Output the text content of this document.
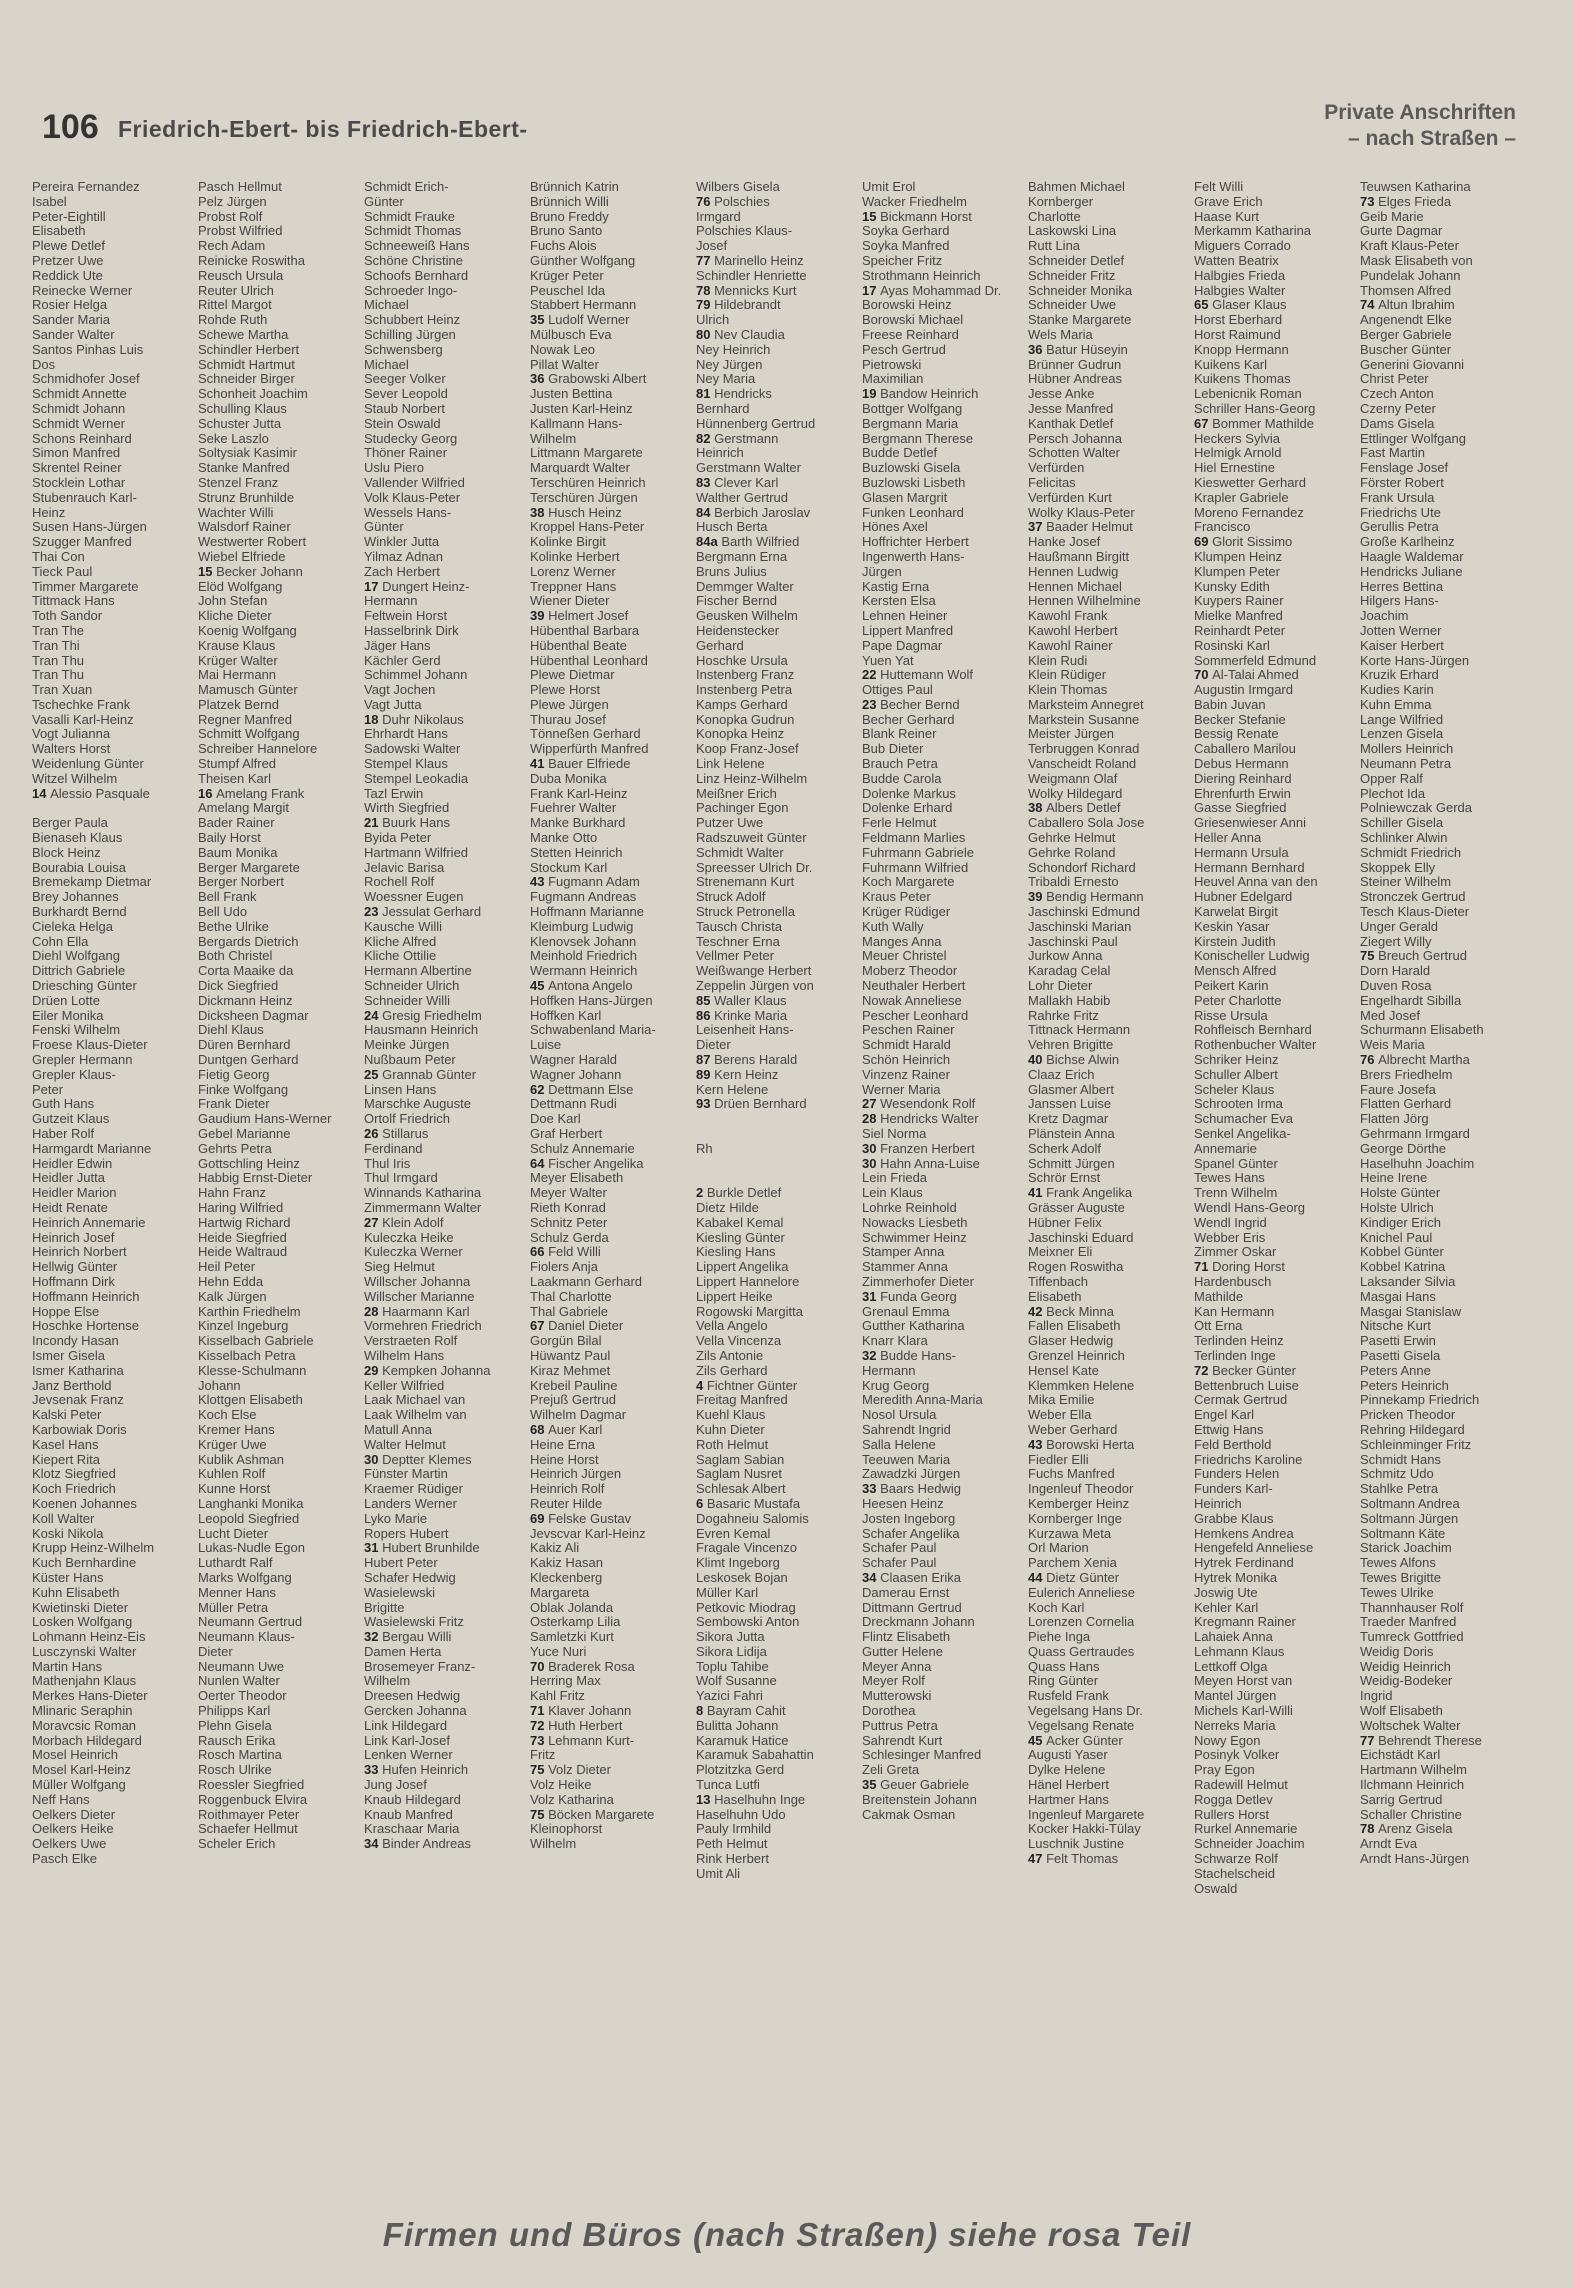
106 Friedrich-Ebert- bis Friedrich-Ebert-
Private Anschriften
– nach Straßen –
Pereira Fernandez
Isabel
Peter-Eightill
Elisabeth
Plewe Detlef
Pretzer Uwe
Reddick Ute
Reinecke Werner
Rosier Helga
Sander Maria
Sander Walter
Santos Pinhas Luis
Dos
Schmidhofer Josef
Schmidt Annette
Schmidt Johann
Schmidt Werner
Schons Reinhard
Simon Manfred
Skrentel Reiner
Stocklein Lothar
Stubenrauch Karl-
Heinz
Susen Hans-Jürgen
Szugger Manfred
Thai Con
Tieck Paul
Timmer Margarete
Tittmack Hans
Toth Sandor
Tran The
Tran Thi
Tran Thu
Tran Thu
Tran Xuan
Tschechke Frank
Vasalli Karl-Heinz
Vogt Julianna
Walters Horst
Weidenlung Günter
Witzel Wilhelm
14 Alessio Pasquale

Berger Paula
Bienaseh Klaus
Block Heinz
Bourabia Louisa
Bremekamp Dietmar
Brey Johannes
Burkhardt Bernd
Cieleka Helga
Cohn Ella
Diehl Wolfgang
Dittrich Gabriele
Driesching Günter
Drüen Lotte
Eiler Monika
Fenski Wilhelm
Froese Klaus-Dieter
Grepler Hermann
Grepler Klaus-
Peter
Guth Hans
Gutzeit Klaus
Haber Rolf
Harmgardt Marianne
Heidler Edwin
Heidler Jutta
Heidler Marion
Heidt Renate
Heinrich Annemarie
Heinrich Josef
Heinrich Norbert
Hellwig Günter
Hoffmann Dirk
Hoffmann Heinrich
Hoppe Else
Hoschke Hortense
Incondy Hasan
Ismer Gisela
Ismer Katharina
Janz Berthold
Jevsenak Franz
Kalski Peter
Karbowiak Doris
Kasel Hans
Kiepert Rita
Klotz Siegfried
Koch Friedrich
Koenen Johannes
Koll Walter
Koski Nikola
Krupp Heinz-Wilhelm
Kuch Bernhardine
Küster Hans
Kuhn Elisabeth
Kwietinski Dieter
Losken Wolfgang
Lohmann Heinz-Eis
Lusczynski Walter
Martin Hans
Mathenjahn Klaus
Merkes Hans-Dieter
Mlinaric Seraphin
Moravcsic Roman
Morbach Hildegard
Mosel Heinrich
Mosel Karl-Heinz
Müller Wolfgang
Neff Hans
Oelkers Dieter
Oelkers Heike
Oelkers Uwe
Pasch Elke
Pasch Hellmut
Pelz Jürgen
Probst Rolf
Probst Wilfried
Rech Adam
Reinicke Roswitha
Reusch Ursula
Reuter Ulrich
Rittel Margot
Rohde Ruth
Schewe Martha
Schindler Herbert
Schmidt Hartmut
Schneider Birger
Schonheit Joachim
Schulling Klaus
Schuster Jutta
Seke Laszlo
Soltysiak Kasimir
Stanke Manfred
Stenzel Franz
Strunz Brunhilde
Wachter Willi
Walsdorf Rainer
Westwerter Robert
Wiebel Elfriede
15 Becker Johann
Elöd Wolfgang
John Stefan
Kliche Dieter
Koenig Wolfgang
Krause Klaus
Krüger Walter
Mai Hermann
Mamusch Günter
Platzek Bernd
Regner Manfred
Schmitt Wolfgang
Schreiber Hannelore
Stumpf Alfred
Theisen Karl
16 Amelang Frank
Amelang Margit
Bader Rainer
Baily Horst
Baum Monika
Berger Margarete
Berger Norbert
Bell Frank
Bell Udo
Bethe Ulrike
Bergards Dietrich
Both Christel
Corta Maaike da
Dick Siegfried
Dickmann Heinz
Dicksheen Dagmar
Diehl Klaus
Düren Bernhard
Duntgen Gerhard
Fietig Georg
Finke Wolfgang
Frank Dieter
Gaudium Hans-Werner
Gebel Marianne
Gehrts Petra
Gottschling Heinz
Habbig Ernst-Dieter
Hahn Franz
Haring Wilfried
Hartwig Richard
Heide Siegfried
Heide Waltraud
Heil Peter
Hehn Edda
Kalk Jürgen
Karthin Friedhelm
Kinzel Ingeburg
Kisselbach Gabriele
Kisselbach Petra
Klesse-Schulmann
Johann
Klottgen Elisabeth
Koch Else
Kremer Hans
Krüger Uwe
Kublik Ashman
Kuhlen Rolf
Kunne Horst
Langhanki Monika
Leopold Siegfried
Lucht Dieter
Lukas-Nudle Egon
Luthardt Ralf
Marks Wolfgang
Menner Hans
Müller Petra
Neumann Gertrud
Neumann Klaus-
Dieter
Neumann Uwe
Nunlen Walter
Oerter Theodor
Philipps Karl
Plehn Gisela
Rausch Erika
Rosch Martina
Rosch Ulrike
Roessler Siegfried
Roggenbuck Elvira
Roithmayer Peter
Schaefer Hellmut
Scheler Erich
Schmidt Erich-
Günter
Schmidt Frauke
Schmidt Thomas
Schneeweiß Hans
Schöne Christine
Schoofs Bernhard
Schroeder Ingo-
Michael
Schubbert Heinz
Schilling Jürgen
Schwensberg
Michael
Seeger Volker
Sever Leopold
Staub Norbert
Stein Oswald
Studecky Georg
Thöner Rainer
Uslu Piero
Vallender Wilfried
Volk Klaus-Peter
Wessels Hans-
Günter
Winkler Jutta
Yilmaz Adnan
Zach Herbert
17 Dungert Heinz-
Hermann
Feltwein Horst
Hasselbrink Dirk
Jäger Hans
Kächler Gerd
Schimmel Johann
Vagt Jochen
Vagt Jutta
18 Duhr Nikolaus
Ehrhardt Hans
Sadowski Walter
Stempel Klaus
Stempel Leokadia
Tazl Erwin
Wirth Siegfried
21 Buurk Hans
Byida Peter
Hartmann Wilfried
Jelavic Barisa
Rochell Rolf
Woessner Eugen
23 Jessulat Gerhard
Kausche Willi
Kliche Alfred
Kliche Ottilie
Hermann Albertine
Schneider Ulrich
Schneider Willi
24 Gresig Friedhelm
Hausmann Heinrich
Meinke Jürgen
Nußbaum Peter
25 Grannab Günter
Linsen Hans
Marschke Auguste
Ortolf Friedrich
26 Stillarus
Ferdinand
Thul Iris
Thul Irmgard
Winnands Katharina
Zimmermann Walter
27 Klein Adolf
Kuleczka Heike
Kuleczka Werner
Sieg Helmut
Willscher Johanna
Willscher Marianne
28 Haarmann Karl
Vormehren Friedrich
Verstraeten Rolf
Wilhelm Hans
29 Kempken Johanna
Keller Wilfried
Laak Michael van
Laak Wilhelm van
Matull Anna
Walter Helmut
30 Deptter Klemes
Fünster Martin
Kraemer Rüdiger
Landers Werner
Lyko Marie
Ropers Hubert
31 Hubert Brunhilde
Hubert Peter
Schafer Hedwig
Wasielewski
Brigitte
Wasielewski Fritz
32 Bergau Willi
Damen Herta
Brosemeyer Franz-
Wilhelm
Dreesen Hedwig
Gercken Johanna
Link Hildegard
Link Karl-Josef
Lenken Werner
33 Hufen Heinrich
Jung Josef
Knaub Hildegard
Knaub Manfred
Kraschaar Maria
34 Binder Andreas
Brünnich Katrin
Brünnich Willi
Bruno Freddy
Bruno Santo
Fuchs Alois
Günther Wolfgang
Krüger Peter
Peuschel Ida
Stabbert Hermann
35 Ludolf Werner
Mülbusch Eva
Nowak Leo
Pillat Walter
36 Grabowski Albert
Justen Bettina
Justen Karl-Heinz
Kallmann Hans-
Wilhelm
Littmann Margarete
Marquardt Walter
Terschüren Heinrich
Terschüren Jürgen
38 Husch Heinz
Kroppel Hans-Peter
Kolinke Birgit
Kolinke Herbert
Lorenz Werner
Treppner Hans
Wiener Dieter
39 Helmert Josef
Hübenthal Barbara
Hübenthal Beate
Hübenthal Leonhard
Plewe Dietmar
Plewe Horst
Plewe Jürgen
Thurau Josef
Tönneßen Gerhard
Wipperfürth Manfred
41 Bauer Elfriede
Duba Monika
Frank Karl-Heinz
Fuehrer Walter
Manke Burkhard
Manke Otto
Stetten Heinrich
Stockum Karl
43 Fugmann Adam
Fugmann Andreas
Hoffmann Marianne
Kleimburg Ludwig
Klenovsek Johann
Meinhold Friedrich
Wermann Heinrich
45 Antona Angelo
Hoffken Hans-Jürgen
Hoffken Karl
Schwabenland Maria-
Luise
Wagner Harald
Wagner Johann
62 Dettmann Else
Dettmann Rudi
Doe Karl
Graf Herbert
Schulz Annemarie
64 Fischer Angelika
Meyer Elisabeth
Meyer Walter
Rieth Konrad
Schnitz Peter
Schulz Gerda
66 Feld Willi
Fiolers Anja
Laakmann Gerhard
Thal Charlotte
Thal Gabriele
67 Daniel Dieter
Gorgün Bilal
Hüwantz Paul
Kiraz Mehmet
Krebeil Pauline
Prejuß Gertrud
Wilhelm Dagmar
68 Auer Karl
Heine Erna
Heine Horst
Heinrich Jürgen
Heinrich Rolf
Reuter Hilde
69 Felske Gustav
Jevscvar Karl-Heinz
Kakiz Ali
Kakiz Hasan
Kleckenberg
Margareta
Oblak Jolanda
Osterkamp Lilia
Samletzki Kurt
Yuce Nuri
70 Braderek Rosa
Herring Max
Kahl Fritz
71 Klaver Johann
72 Huth Herbert
73 Lehmann Kurt-
Fritz
75 Volz Dieter
Volz Heike
Volz Katharina
75 Böcken Margarete
Kleinophorst
Wilhelm
Wilbers Gisela
76 Polschies
Irmgard
Polschies Klaus-
Josef
77 Marinello Heinz
Schindler Henriette
78 Mennicks Kurt
79 Hildebrandt
Ulrich
80 Nev Claudia
Ney Heinrich
Ney Jürgen
Ney Maria
81 Hendricks
Bernhard
Hünnenberg Gertrud
82 Gerstmann
Heinrich
Gerstmann Walter
83 Clever Karl
Walther Gertrud
84 Berbich Jaroslav
Husch Berta
84a Barth Wilfried
Bergmann Erna
Bruns Julius
Demmger Walter
Fischer Bernd
Geusken Wilhelm
Heidenstecker
Gerhard
Hoschke Ursula
Instenberg Franz
Instenberg Petra
Kamps Gerhard
Konopka Gudrun
Konopka Heinz
Koop Franz-Josef
Link Helene
Linz Heinz-Wilhelm
Meißner Erich
Pachinger Egon
Putzer Uwe
Radszuweit Günter
Schmidt Walter
Spreesser Ulrich Dr.
Strenemann Kurt
Struck Adolf
Struck Petronella
Tausch Christa
Teschner Erna
Vellmer Peter
Weißwange Herbert
Zeppelin Jürgen von
85 Waller Klaus
86 Krinke Maria
Leisenheit Hans-
Dieter
87 Berens Harald
89 Kern Heinz
Kern Helene
93 Drüen Bernhard

Rh

2 Burkle Detlef
Dietz Hilde
Kabakel Kemal
Kiesling Günter
Kiesling Hans
Lippert Angelika
Lippert Hannelore
Lippert Heike
Rogowski Margitta
Vella Angelo
Vella Vincenza
Zils Antonie
Zils Gerhard
4 Fichtner Günter
Freitag Manfred
Kuehl Klaus
Kuhn Dieter
Roth Helmut
Saglam Sabian
Saglam Nusret
Schlesak Albert
6 Basaric Mustafa
Dogahneiu Salomis
Evren Kemal
Fragale Vincenzo
Klimt Ingeborg
Leskosek Bojan
Müller Karl
Petkovic Miodrag
Sembowski Anton
Sikora Jutta
Sikora Lidija
Toplu Tahibe
Wolf Susanne
Yazici Fahri
8 Bayram Cahit
Bulitta Johann
Karamuk Hatice
Karamuk Sabahattin
Plotzitzka Gerd
Tunca Lutfi
13 Haselhuhn Inge
Haselhuhn Udo
Pauly Irmhild
Peth Helmut
Rink Herbert
Umit Ali
Umit Erol
Wacker Friedhelm
15 Bickmann Horst
Soyka Gerhard
Soyka Manfred
Speicher Fritz
Strothmann Heinrich
17 Ayas Mohammad Dr.
Borowski Heinz
Borowski Michael
Freese Reinhard
Pesch Gertrud
Pietrowski
Maximilian
19 Bandow Heinrich
Bottger Wolfgang
Bergmann Maria
Bergmann Therese
Budde Detlef
Buzlowski Gisela
Buzlowski Lisbeth
Glasen Margrit
Funken Leonhard
Hönes Axel
Hoffrichter Herbert
Ingenwerth Hans-
Jürgen
Kastig Erna
Kersten Elsa
Lehnen Heiner
Lippert Manfred
Pape Dagmar
Yuen Yat
22 Huttemann Wolf
Ottiges Paul
23 Becher Bernd
Becher Gerhard
Blank Reiner
Bub Dieter
Brauch Petra
Budde Carola
Dolenke Markus
Dolenke Erhard
Ferle Helmut
Feldmann Marlies
Fuhrmann Gabriele
Fuhrmann Wilfried
Koch Margarete
Kraus Peter
Krüger Rüdiger
Kuth Wally
Manges Anna
Meuer Christel
Moberz Theodor
Neuthaler Herbert
Nowak Anneliese
Pescher Leonhard
Peschen Rainer
Schmidt Harald
Schön Heinrich
Vinzenz Rainer
Werner Maria
27 Wesendonk Rolf
28 Hendricks Walter
Siel Norma
30 Franzen Herbert
30 Hahn Anna-Luise
Lein Frieda
Lein Klaus
Lohrke Reinhold
Nowacks Liesbeth
Schwimmer Heinz
Stamper Anna
Stammer Anna
Zimmerhofer Dieter
31 Funda Georg
Grenaul Emma
Gutther Katharina
Knarr Klara
32 Budde Hans-
Hermann
Krug Georg
Meredith Anna-Maria
Nosol Ursula
Sahrendt Ingrid
Salla Helene
Teeuwen Maria
Zawadzki Jürgen
33 Baars Hedwig
Heesen Heinz
Josten Ingeborg
Schafer Angelika
Schafer Paul
Schafer Paul
34 Claasen Erika
Damerau Ernst
Dittmann Gertrud
Dreckmann Johann
Flintz Elisabeth
Gutter Helene
Meyer Anna
Meyer Rolf
Mutterowski
Dorothea
Puttrus Petra
Sahrendt Kurt
Schlesinger Manfred
Zeli Greta
35 Geuer Gabriele
Breitenstein Johann
Cakmak Osman
Bahmen Michael
Kornberger
Charlotte
Laskowski Lina
Rutt Lina
Schneider Detlef
Schneider Fritz
Schneider Monika
Schneider Uwe
Stanke Margarete
Wels Maria
36 Batur Hüseyin
Brünner Gudrun
Hübner Andreas
Jesse Anke
Jesse Manfred
Kanthak Detlef
Persch Johanna
Schotten Walter
Verfürden
Felicitas
Verfürden Kurt
Wolky Klaus-Peter
37 Baader Helmut
Hanke Josef
Haußmann Birgitt
Hennen Ludwig
Hennen Michael
Hennen Wilhelmine
Kawohl Frank
Kawohl Herbert
Kawohl Rainer
Klein Rudi
Klein Rüdiger
Klein Thomas
Marksteim Annegret
Markstein Susanne
Meister Jürgen
Terbruggen Konrad
Vanscheidt Roland
Weigmann Olaf
Wolky Hildegard
38 Albers Detlef
Caballero Sola Jose
Gehrke Helmut
Gehrke Roland
Schondorf Richard
Tribaldi Ernesto
39 Bendig Hermann
Jaschinski Edmund
Jaschinski Marian
Jaschinski Paul
Jurkow Anna
Karadag Celal
Lohr Dieter
Mallakh Habib
Rahrke Fritz
Tittnack Hermann
Vehren Brigitte
40 Bichse Alwin
Claaz Erich
Glasmer Albert
Janssen Luise
Kretz Dagmar
Plänstein Anna
Scherk Adolf
Schmitt Jürgen
Schrör Ernst
41 Frank Angelika
Grässer Auguste
Hübner Felix
Jaschinski Eduard
Meixner Eli
Rogen Roswitha
Tiffenbach
Elisabeth
42 Beck Minna
Fallen Elisabeth
Glaser Hedwig
Grenzel Heinrich
Hensel Kate
Klemmken Helene
Mika Emilie
Weber Ella
Weber Gerhard
43 Borowski Herta
Fiedler Elli
Fuchs Manfred
Ingenleuf Theodor
Kemberger Heinz
Kornberger Inge
Kurzawa Meta
Orl Marion
Parchem Xenia
44 Dietz Günter
Eulerich Anneliese
Koch Karl
Lorenzen Cornelia
Piehe Inga
Quass Gertraudes
Quass Hans
Ring Günter
Rusfeld Frank
Vegelsang Hans Dr.
Vegelsang Renate
45 Acker Günter
Augusti Yaser
Dylke Helene
Hänel Herbert
Hartmer Hans
Ingenleuf Margarete
Kocker Hakki-Tülay
Luschnik Justine
47 Felt Thomas
Felt Willi
Grave Erich
Haase Kurt
Merkamm Katharina
Miguers Corrado
Watten Beatrix
Halbgies Frieda
Halbgies Walter
65 Glaser Klaus
Horst Eberhard
Horst Raimund
Knopp Hermann
Kuikens Karl
Kuikens Thomas
Lebenicnik Roman
Schriller Hans-Georg
67 Bommer Mathilde
Heckers Sylvia
Helmigk Arnold
Hiel Ernestine
Kieswetter Gerhard
Krapler Gabriele
Moreno Fernandez
Francisco
69 Glorit Sissimo
Klumpen Heinz
Klumpen Peter
Kunsky Edith
Kuypers Rainer
Mielke Manfred
Reinhardt Peter
Rosinski Karl
Sommerfeld Edmund
70 Al-Talai Ahmed
Augustin Irmgard
Babin Juvan
Becker Stefanie
Bessig Renate
Caballero Marilou
Debus Hermann
Diering Reinhard
Ehrenfurth Erwin
Gasse Siegfried
Griesenwieser Anni
Heller Anna
Hermann Ursula
Hermann Bernhard
Heuvel Anna van den
Hubner Edelgard
Karwelat Birgit
Keskin Yasar
Kirstein Judith
Konischeller Ludwig
Mensch Alfred
Peikert Karin
Peter Charlotte
Risse Ursula
Rohfleisch Bernhard
Rothenbucher Walter
Schriker Heinz
Schuller Albert
Scheler Klaus
Schrooten Irma
Schumacher Eva
Senkel Angelika-
Annemarie
Spanel Günter
Tewes Hans
Trenn Wilhelm
Wendl Hans-Georg
Wendl Ingrid
Webber Eris
Zimmer Oskar
71 Doring Horst
Hardenbusch
Mathilde
Kan Hermann
Ott Erna
Terlinden Heinz
Terlinden Inge
72 Becker Günter
Bettenbruch Luise
Cermak Gertrud
Engel Karl
Ettwig Hans
Feld Berthold
Friedrichs Karoline
Funders Helen
Funders Karl-
Heinrich
Grabbe Klaus
Hemkens Andrea
Hengefeld Anneliese
Hytrek Ferdinand
Hytrek Monika
Joswig Ute
Kehler Karl
Kregmann Rainer
Lahaiek Anna
Lehmann Klaus
Lettkoff Olga
Meyen Horst van
Mantel Jürgen
Michels Karl-Willi
Nerreks Maria
Nowy Egon
Posinyk Volker
Pray Egon
Radewill Helmut
Rogga Detlev
Rullers Horst
Rurkel Annemarie
Schneider Joachim
Schwarze Rolf
Stachelscheid
Oswald
Teuwsen Katharina
73 Elges Frieda
Geib Marie
Gurte Dagmar
Kraft Klaus-Peter
Mask Elisabeth von
Pundelak Johann
Thomsen Alfred
74 Altun Ibrahim
Angenendt Elke
Berger Gabriele
Buscher Günter
Generini Giovanni
Christ Peter
Czech Anton
Czerny Peter
Dams Gisela
Ettlinger Wolfgang
Fast Martin
Fenslage Josef
Förster Robert
Frank Ursula
Friedrichs Ute
Gerullis Petra
Große Karlheinz
Haagle Waldemar
Hendricks Juliane
Herres Bettina
Hilgers Hans-
Joachim
Jotten Werner
Kaiser Herbert
Korte Hans-Jürgen
Kruzik Erhard
Kudies Karin
Kuhn Emma
Lange Wilfried
Lenzen Gisela
Mollers Heinrich
Neumann Petra
Opper Ralf
Plechot Ida
Polniewczak Gerda
Schiller Gisela
Schlinker Alwin
Schmidt Friedrich
Skoppek Elly
Steiner Wilhelm
Stronczek Gertrud
Tesch Klaus-Dieter
Unger Gerald
Ziegert Willy
75 Breuch Gertrud
Dorn Harald
Duven Rosa
Engelhardt Sibilla
Med Josef
Schurmann Elisabeth
Weis Maria
76 Albrecht Martha
Brers Friedhelm
Faure Josefa
Flatten Gerhard
Flatten Jörg
Gehrmann Irmgard
George Dörthe
Haselhuhn Joachim
Heine Irene
Holste Günter
Holste Ulrich
Kindiger Erich
Knichel Paul
Kobbel Günter
Kobbel Katrina
Laksander Silvia
Masgai Hans
Masgai Stanislaw
Nitsche Kurt
Pasetti Erwin
Pasetti Gisela
Peters Anne
Peters Heinrich
Pinnekamp Friedrich
Pricken Theodor
Rehring Hildegard
Schleinminger Fritz
Schmidt Hans
Schmitz Udo
Stahlke Petra
Soltmann Andrea
Soltmann Jürgen
Soltmann Käte
Starick Joachim
Tewes Alfons
Tewes Brigitte
Tewes Ulrike
Thannhauser Rolf
Traeder Manfred
Tumreck Gottfried
Weidig Doris
Weidig Heinrich
Weidig-Bodeker
Ingrid
Wolf Elisabeth
Woltschek Walter
77 Behrendt Therese
Eichstädt Karl
Hartmann Wilhelm
Ilchmann Heinrich
Sarrig Gertrud
Schaller Christine
78 Arenz Gisela
Arndt Eva
Arndt Hans-Jürgen
Firmen und Büros (nach Straßen) siehe rosa Teil
